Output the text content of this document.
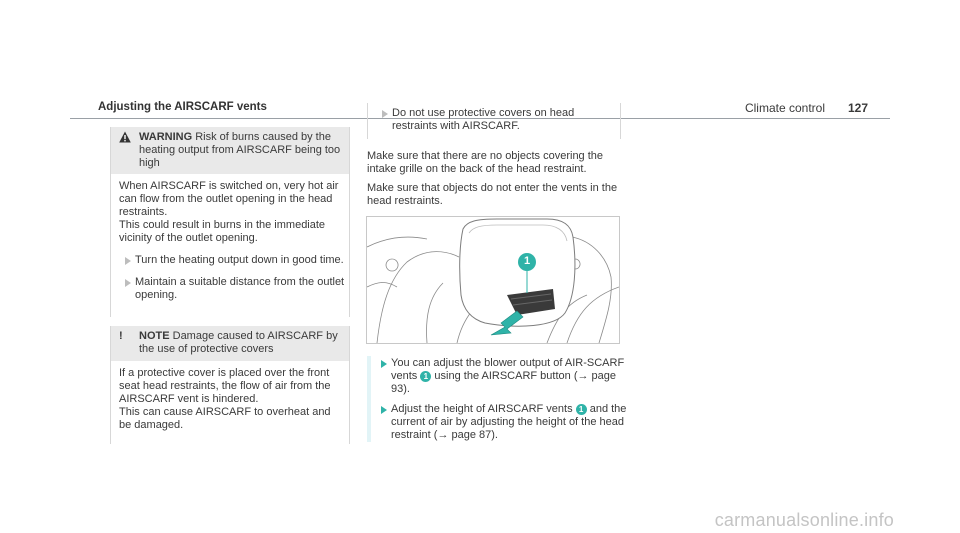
Climate control 127
Adjusting the AIRSCARF vents
WARNING Risk of burns caused by the heating output from AIRSCARF being too high

When AIRSCARF is switched on, very hot air can flow from the outlet opening in the head restraints.

This could result in burns in the immediate vicinity of the outlet opening.

Turn the heating output down in good time.
Maintain a suitable distance from the outlet opening.
! NOTE Damage caused to AIRSCARF by the use of protective covers

If a protective cover is placed over the front seat head restraints, the flow of air from the AIRSCARF vent is hindered.

This can cause AIRSCARF to overheat and be damaged.

Do not use protective covers on head restraints with AIRSCARF.
Make sure that there are no objects covering the intake grille on the back of the head restraint.
Make sure that objects do not enter the vents in the head restraints.
1
You can adjust the blower output of AIR-SCARF vents 1 using the AIRSCARF button (→ page 93).
Adjust the height of AIRSCARF vents 1 and the current of air by adjusting the height of the head restraint (→ page 87).
carmanualsonline.info
